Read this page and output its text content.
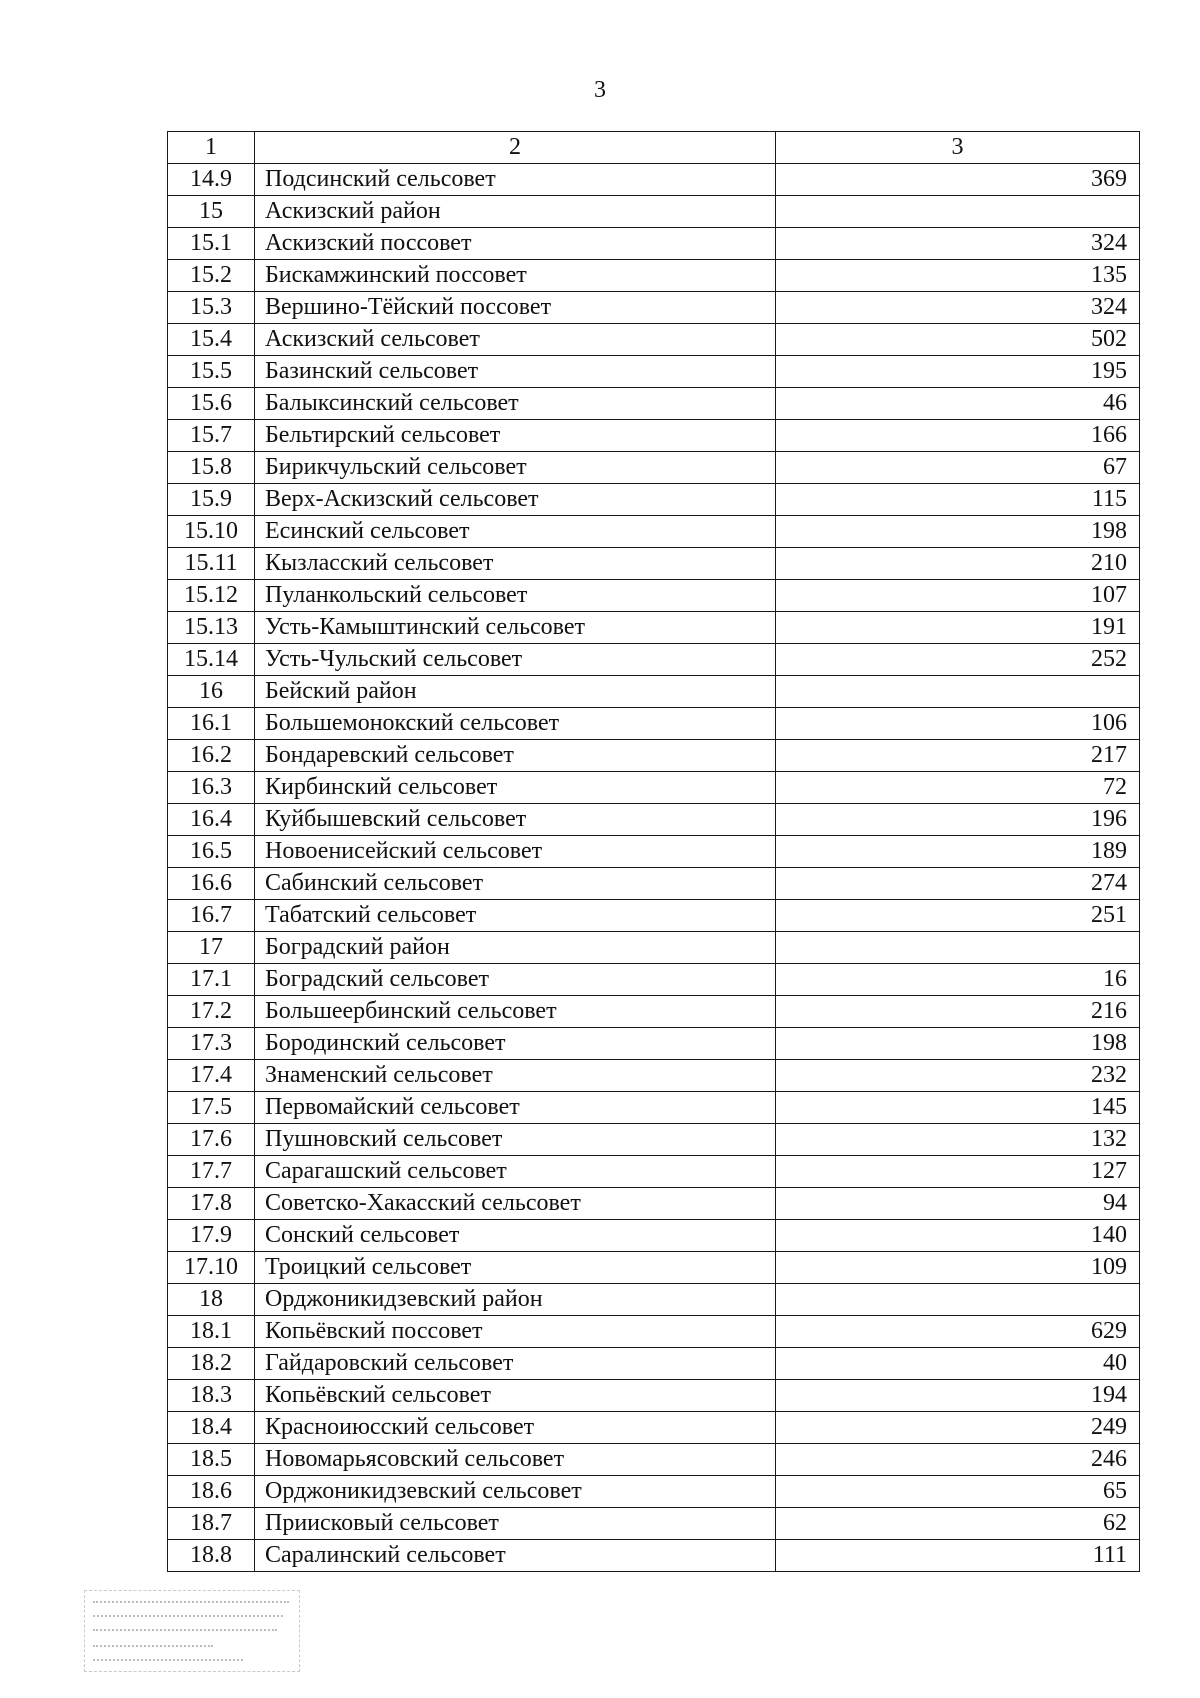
3
1	2	3
14.9	Подсинский сельсовет	369
15	Аскизский район	
15.1	Аскизский поссовет	324
15.2	Бискамжинский поссовет	135
15.3	Вершино-Тёйский поссовет	324
15.4	Аскизский сельсовет	502
15.5	Базинский сельсовет	195
15.6	Балыксинский сельсовет	46
15.7	Бельтирский сельсовет	166
15.8	Бирикчульский сельсовет	67
15.9	Верх-Аскизский сельсовет	115
15.10	Есинский сельсовет	198
15.11	Кызласский сельсовет	210
15.12	Пуланкольский сельсовет	107
15.13	Усть-Камыштинский сельсовет	191
15.14	Усть-Чульский сельсовет	252
16	Бейский район	
16.1	Большемонокский сельсовет	106
16.2	Бондаревский сельсовет	217
16.3	Кирбинский сельсовет	72
16.4	Куйбышевский сельсовет	196
16.5	Новоенисейский сельсовет	189
16.6	Сабинский сельсовет	274
16.7	Табатский сельсовет	251
17	Боградский район	
17.1	Боградский сельсовет	16
17.2	Большеербинский сельсовет	216
17.3	Бородинский сельсовет	198
17.4	Знаменский сельсовет	232
17.5	Первомайский сельсовет	145
17.6	Пушновский сельсовет	132
17.7	Сарагашский сельсовет	127
17.8	Советско-Хакасский сельсовет	94
17.9	Сонский сельсовет	140
17.10	Троицкий сельсовет	109
18	Орджоникидзевский район	
18.1	Копьёвский поссовет	629
18.2	Гайдаровский сельсовет	40
18.3	Копьёвский сельсовет	194
18.4	Красноиюсский сельсовет	249
18.5	Новомарьясовский сельсовет	246
18.6	Орджоникидзевский сельсовет	65
18.7	Приисковый сельсовет	62
18.8	Саралинский сельсовет	111
